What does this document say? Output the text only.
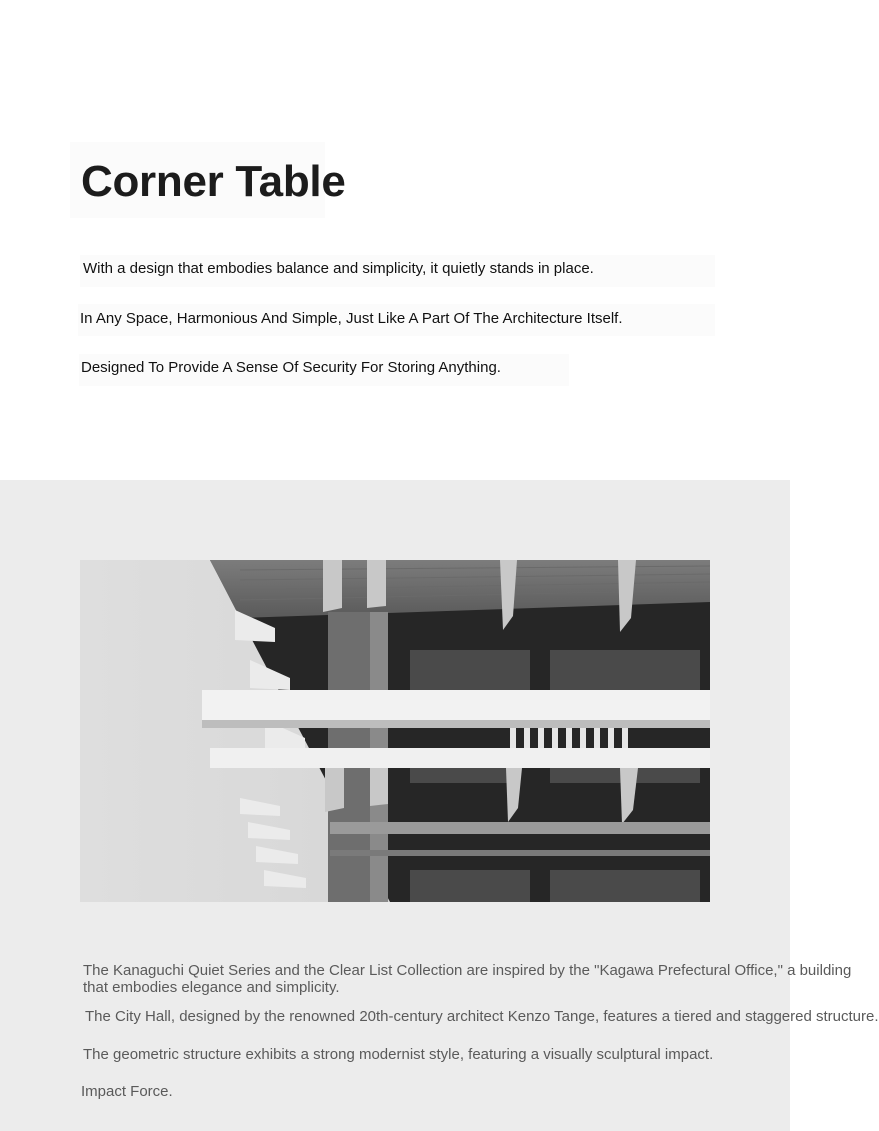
Corner Table

With a design that embodies balance and simplicity, it quietly stands in place.

In Any Space, Harmonious And Simple, Just Like A Part Of The Architecture Itself.

Designed To Provide A Sense Of Security For Storing Anything.

The Kanaguchi Quiet Series and the Clear List Collection are inspired by the "Kagawa Prefectural Office," a building
that embodies elegance and simplicity.

The City Hall, designed by the renowned 20th-century architect Kenzo Tange, features a tiered and staggered structure.

The geometric structure exhibits a strong modernist style, featuring a visually sculptural impact.

Impact Force.
